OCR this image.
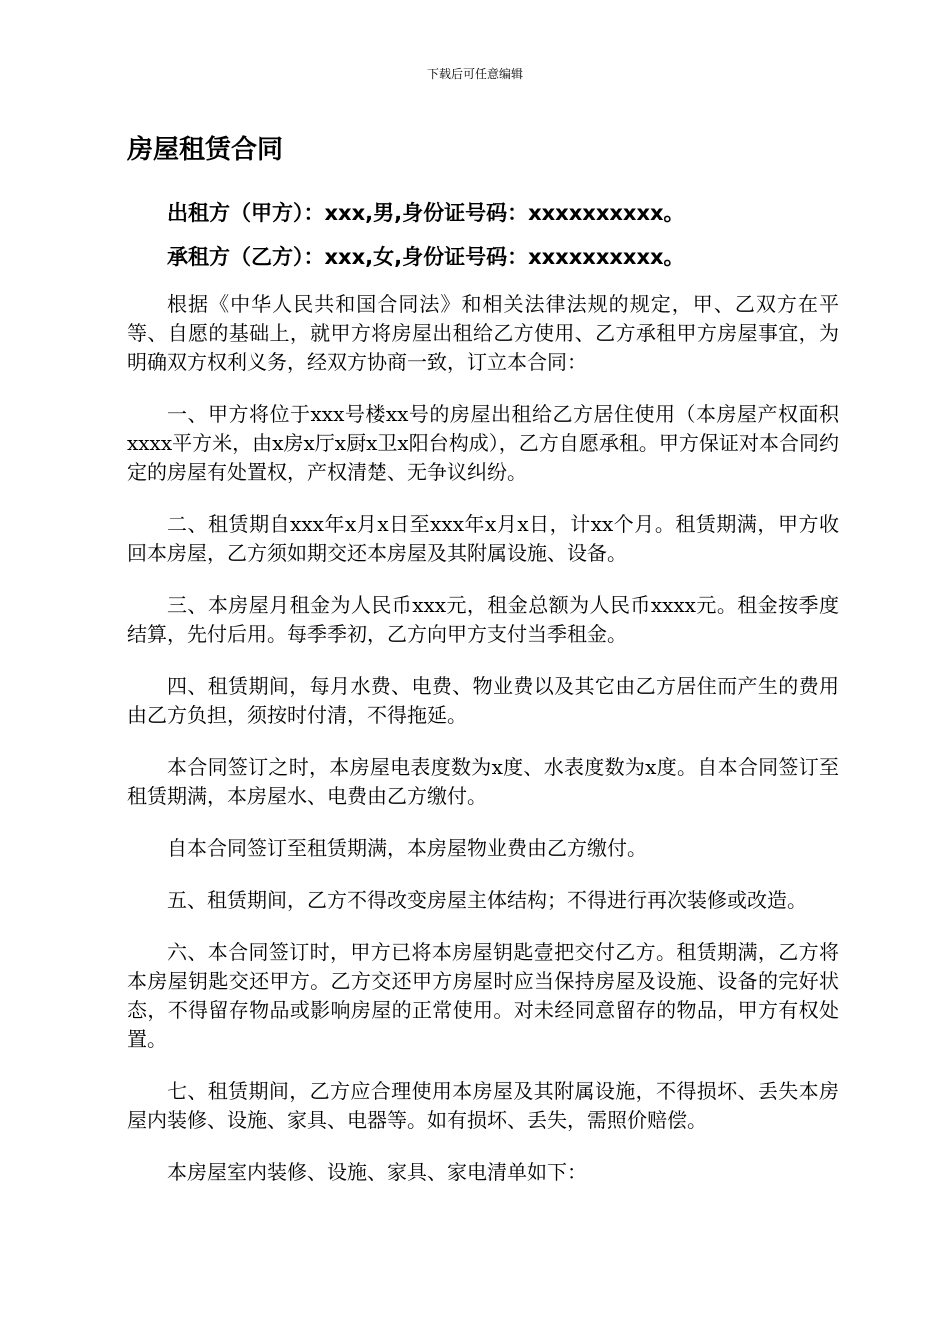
下载后可任意编辑
房屋租赁合同
出租方（甲方）：xxx,男,身份证号码：xxxxxxxxxx。
承租方（乙方）：xxx,女,身份证号码：xxxxxxxxxx。

根据《中华人民共和国合同法》和相关法律法规的规定，甲、乙双方在平等、自愿的基础上，就甲方将房屋出租给乙方使用、乙方承租甲方房屋事宜，为明确双方权利义务，经双方协商一致，订立本合同：

一、甲方将位于xxx号楼xx号的房屋出租给乙方居住使用（本房屋产权面积xxxx平方米，由x房x厅x厨x卫x阳台构成），乙方自愿承租。甲方保证对本合同约定的房屋有处置权，产权清楚、无争议纠纷。

二、租赁期自xxx年x月x日至xxx年x月x日，计xx个月。租赁期满，甲方收回本房屋，乙方须如期交还本房屋及其附属设施、设备。

三、本房屋月租金为人民币xxx元，租金总额为人民币xxxx元。租金按季度结算，先付后用。每季季初，乙方向甲方支付当季租金。

四、租赁期间，每月水费、电费、物业费以及其它由乙方居住而产生的费用由乙方负担，须按时付清，不得拖延。

本合同签订之时，本房屋电表度数为x度、水表度数为x度。自本合同签订至租赁期满，本房屋水、电费由乙方缴付。

自本合同签订至租赁期满，本房屋物业费由乙方缴付。

五、租赁期间，乙方不得改变房屋主体结构；不得进行再次装修或改造。

六、本合同签订时，甲方已将本房屋钥匙壹把交付乙方。租赁期满，乙方将本房屋钥匙交还甲方。乙方交还甲方房屋时应当保持房屋及设施、设备的完好状态，不得留存物品或影响房屋的正常使用。对未经同意留存的物品，甲方有权处置。

七、租赁期间，乙方应合理使用本房屋及其附属设施，不得损坏、丢失本房屋内装修、设施、家具、电器等。如有损坏、丢失，需照价赔偿。

本房屋室内装修、设施、家具、家电清单如下：
